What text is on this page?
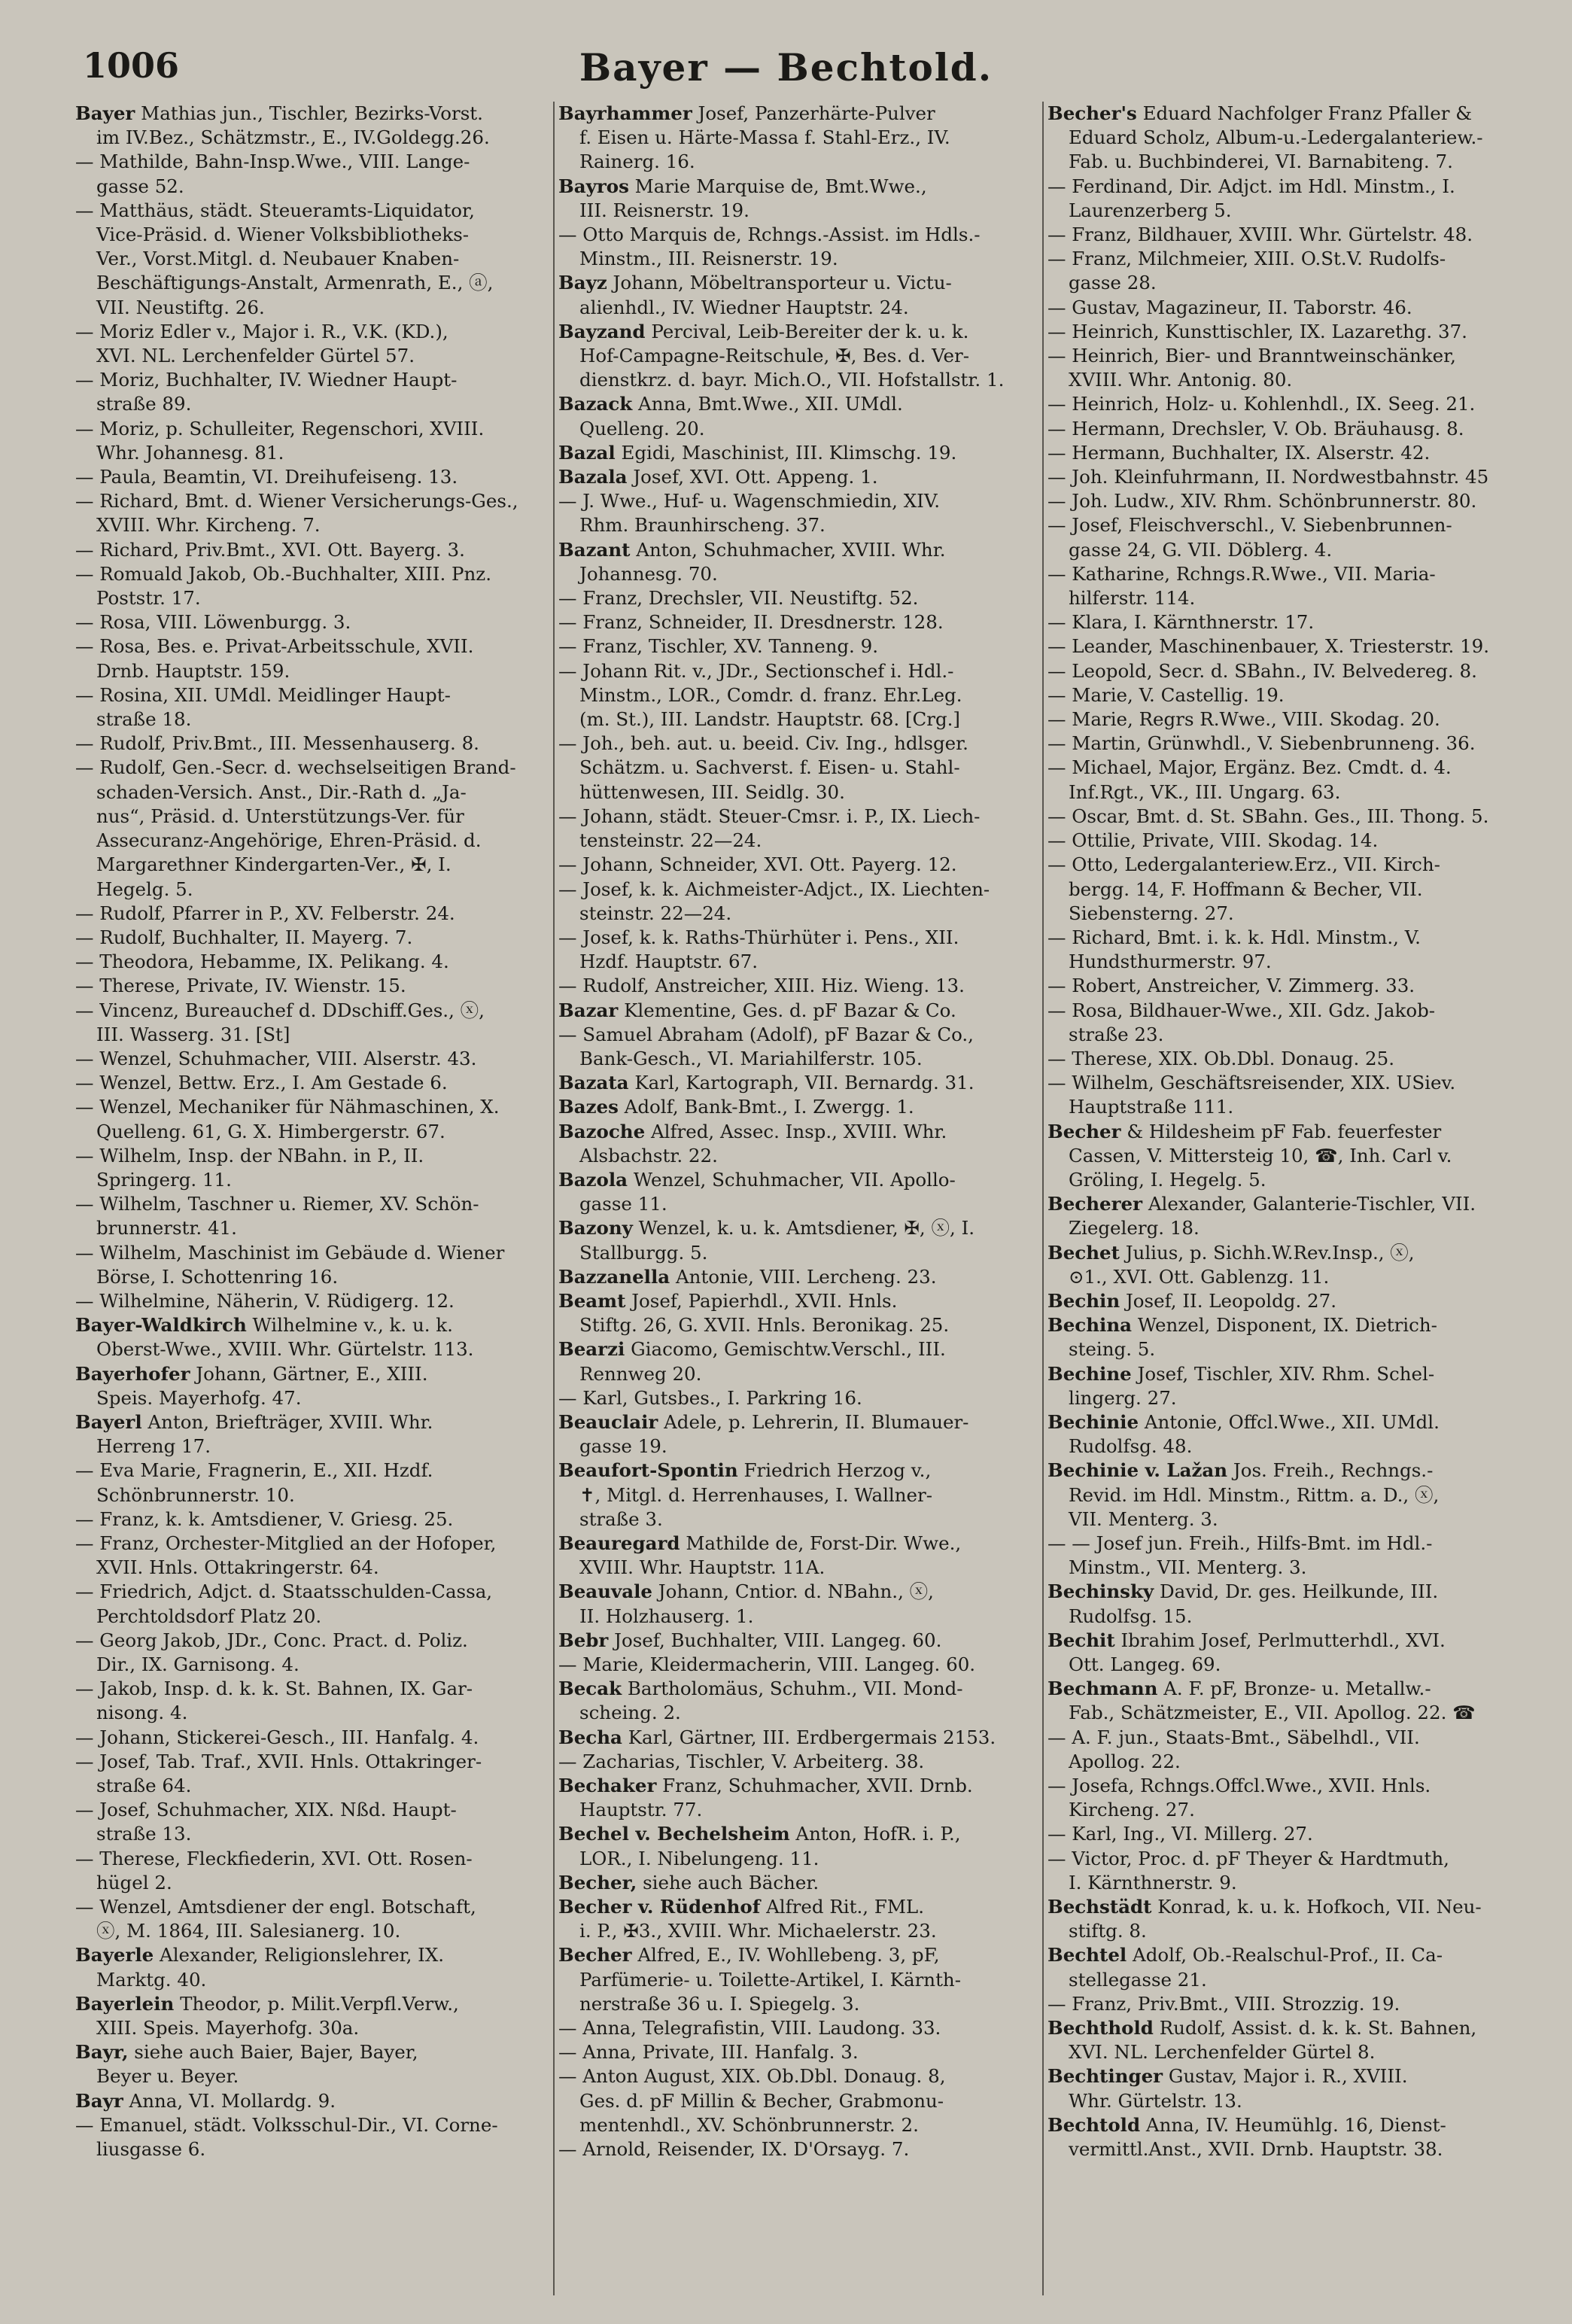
1006	Bayer — Bechtold.
Bayer Mathias jun., Tischler, Bezirks-Vorst.
im IV.Bez., Schätzmstr., E., IV.Goldegg.26.
— Mathilde, Bahn-Insp.Wwe., VIII. Lange-
gasse 52.
— Matthäus, städt. Steueramts-Liquidator,
Vice-Präsid. d. Wiener Volksbibliotheks-
Ver., Vorst.Mitgl. d. Neubauer Knaben-
Beschäftigungs-Anstalt, Armenrath, E., ⓐ,
VII. Neustiftg. 26.
— Moriz Edler v., Major i. R., V.K. (KD.),
XVI. NL. Lerchenfelder Gürtel 57.
— Moriz, Buchhalter, IV. Wiedner Haupt-
straße 89.
— Moriz, p. Schulleiter, Regenschori, XVIII.
Whr. Johannesg. 81.
— Paula, Beamtin, VI. Dreihufeiseng. 13.
— Richard, Bmt. d. Wiener Versicherungs-Ges.,
XVIII. Whr. Kircheng. 7.
— Richard, Priv.Bmt., XVI. Ott. Bayerg. 3.
— Romuald Jakob, Ob.-Buchhalter, XIII. Pnz.
Poststr. 17.
— Rosa, VIII. Löwenburgg. 3.
— Rosa, Bes. e. Privat-Arbeitsschule, XVII.
Drnb. Hauptstr. 159.
— Rosina, XII. UMdl. Meidlinger Haupt-
straße 18.
— Rudolf, Priv.Bmt., III. Messenhauserg. 8.
— Rudolf, Gen.-Secr. d. wechselseitigen Brand-
schaden-Versich. Anst., Dir.-Rath d. „Ja-
nus“, Präsid. d. Unterstützungs-Ver. für
Assecuranz-Angehörige, Ehren-Präsid. d.
Margarethner Kindergarten-Ver., ✠, I.
Hegelg. 5.
— Rudolf, Pfarrer in P., XV. Felberstr. 24.
— Rudolf, Buchhalter, II. Mayerg. 7.
— Theodora, Hebamme, IX. Pelikang. 4.
— Therese, Private, IV. Wienstr. 15.
— Vincenz, Bureauchef d. DDschiff.Ges., ⓧ,
III. Wasserg. 31. [St]
— Wenzel, Schuhmacher, VIII. Alserstr. 43.
— Wenzel, Bettw. Erz., I. Am Gestade 6.
— Wenzel, Mechaniker für Nähmaschinen, X.
Quelleng. 61, G. X. Himbergerstr. 67.
— Wilhelm, Insp. der NBahn. in P., II.
Springerg. 11.
— Wilhelm, Taschner u. Riemer, XV. Schön-
brunnerstr. 41.
— Wilhelm, Maschinist im Gebäude d. Wiener
Börse, I. Schottenring 16.
— Wilhelmine, Näherin, V. Rüdigerg. 12.
Bayer-Waldkirch Wilhelmine v., k. u. k.
Oberst-Wwe., XVIII. Whr. Gürtelstr. 113.
Bayerhofer Johann, Gärtner, E., XIII.
Speis. Mayerhofg. 47.
Bayerl Anton, Briefträger, XVIII. Whr.
Herreng 17.
— Eva Marie, Fragnerin, E., XII. Hzdf.
Schönbrunnerstr. 10.
— Franz, k. k. Amtsdiener, V. Griesg. 25.
— Franz, Orchester-Mitglied an der Hofoper,
XVII. Hnls. Ottakringerstr. 64.
— Friedrich, Adjct. d. Staatsschulden-Cassa,
Perchtoldsdorf Platz 20.
— Georg Jakob, JDr., Conc. Pract. d. Poliz.
Dir., IX. Garnisong. 4.
— Jakob, Insp. d. k. k. St. Bahnen, IX. Gar-
nisong. 4.
— Johann, Stickerei-Gesch., III. Hanfalg. 4.
— Josef, Tab. Traf., XVII. Hnls. Ottakringer-
straße 64.
— Josef, Schuhmacher, XIX. Nßd. Haupt-
straße 13.
— Therese, Fleckfiederin, XVI. Ott. Rosen-
hügel 2.
— Wenzel, Amtsdiener der engl. Botschaft,
ⓧ, M. 1864, III. Salesianerg. 10.
Bayerle Alexander, Religionslehrer, IX.
Marktg. 40.
Bayerlein Theodor, p. Milit.Verpfl.Verw.,
XIII. Speis. Mayerhofg. 30a.
Bayr, siehe auch Baier, Bajer, Bayer,
Beyer u. Beyer.
Bayr Anna, VI. Mollardg. 9.
— Emanuel, städt. Volksschul-Dir., VI. Corne-
liusgasse 6.
Bayrhammer Josef, Panzerhärte-Pulver
f. Eisen u. Härte-Massa f. Stahl-Erz., IV.
Rainerg. 16.
Bayros Marie Marquise de, Bmt.Wwe.,
III. Reisnerstr. 19.
— Otto Marquis de, Rchngs.-Assist. im Hdls.-
Minstm., III. Reisnerstr. 19.
Bayz Johann, Möbeltransporteur u. Victu-
alienhdl., IV. Wiedner Hauptstr. 24.
Bayzand Percival, Leib-Bereiter der k. u. k.
Hof-Campagne-Reitschule, ✠, Bes. d. Ver-
dienstkrz. d. bayr. Mich.O., VII. Hofstallstr. 1.
Bazack Anna, Bmt.Wwe., XII. UMdl.
Quelleng. 20.
Bazal Egidi, Maschinist, III. Klimschg. 19.
Bazala Josef, XVI. Ott. Appeng. 1.
— J. Wwe., Huf- u. Wagenschmiedin, XIV.
Rhm. Braunhirscheng. 37.
Bazant Anton, Schuhmacher, XVIII. Whr.
Johannesg. 70.
— Franz, Drechsler, VII. Neustiftg. 52.
— Franz, Schneider, II. Dresdnerstr. 128.
— Franz, Tischler, XV. Tanneng. 9.
— Johann Rit. v., JDr., Sectionschef i. Hdl.-
Minstm., LOR., Comdr. d. franz. Ehr.Leg.
(m. St.), III. Landstr. Hauptstr. 68. [Crg.]
— Joh., beh. aut. u. beeid. Civ. Ing., hdlsger.
Schätzm. u. Sachverst. f. Eisen- u. Stahl-
hüttenwesen, III. Seidlg. 30.
— Johann, städt. Steuer-Cmsr. i. P., IX. Liech-
tensteinstr. 22—24.
— Johann, Schneider, XVI. Ott. Payerg. 12.
— Josef, k. k. Aichmeister-Adjct., IX. Liechten-
steinstr. 22—24.
— Josef, k. k. Raths-Thürhüter i. Pens., XII.
Hzdf. Hauptstr. 67.
— Rudolf, Anstreicher, XIII. Hiz. Wieng. 13.
Bazar Klementine, Ges. d. pF Bazar & Co.
— Samuel Abraham (Adolf), pF Bazar & Co.,
Bank-Gesch., VI. Mariahilferstr. 105.
Bazata Karl, Kartograph, VII. Bernardg. 31.
Bazes Adolf, Bank-Bmt., I. Zwergg. 1.
Bazoche Alfred, Assec. Insp., XVIII. Whr.
Alsbachstr. 22.
Bazola Wenzel, Schuhmacher, VII. Apollo-
gasse 11.
Bazony Wenzel, k. u. k. Amtsdiener, ✠, ⓧ, I.
Stallburgg. 5.
Bazzanella Antonie, VIII. Lercheng. 23.
Beamt Josef, Papierhdl., XVII. Hnls.
Stiftg. 26, G. XVII. Hnls. Beronikag. 25.
Bearzi Giacomo, Gemischtw.Verschl., III.
Rennweg 20.
— Karl, Gutsbes., I. Parkring 16.
Beauclair Adele, p. Lehrerin, II. Blumauer-
gasse 19.
Beaufort-Spontin Friedrich Herzog v.,
✝, Mitgl. d. Herrenhauses, I. Wallner-
straße 3.
Beauregard Mathilde de, Forst-Dir. Wwe.,
XVIII. Whr. Hauptstr. 11A.
Beauvale Johann, Cntior. d. NBahn., ⓧ,
II. Holzhauserg. 1.
Bebr Josef, Buchhalter, VIII. Langeg. 60.
— Marie, Kleidermacherin, VIII. Langeg. 60.
Becak Bartholomäus, Schuhm., VII. Mond-
scheing. 2.
Becha Karl, Gärtner, III. Erdbergermais 2153.
— Zacharias, Tischler, V. Arbeiterg. 38.
Bechaker Franz, Schuhmacher, XVII. Drnb.
Hauptstr. 77.
Bechel v. Bechelsheim Anton, HofR. i. P.,
LOR., I. Nibelungeng. 11.
Becher, siehe auch Bächer.
Becher v. Rüdenhof Alfred Rit., FML.
i. P., ✠3., XVIII. Whr. Michaelerstr. 23.
Becher Alfred, E., IV. Wohllebeng. 3, pF,
Parfümerie- u. Toilette-Artikel, I. Kärnth-
nerstraße 36 u. I. Spiegelg. 3.
— Anna, Telegrafistin, VIII. Laudong. 33.
— Anna, Private, III. Hanfalg. 3.
— Anton August, XIX. Ob.Dbl. Donaug. 8,
Ges. d. pF Millin & Becher, Grabmonu-
mentenhdl., XV. Schönbrunnerstr. 2.
— Arnold, Reisender, IX. D'Orsayg. 7.
Becher's Eduard Nachfolger Franz Pfaller &
Eduard Scholz, Album-u.-Ledergalanteriew.-
Fab. u. Buchbinderei, VI. Barnabiteng. 7.
— Ferdinand, Dir. Adjct. im Hdl. Minstm., I.
Laurenzerberg 5.
— Franz, Bildhauer, XVIII. Whr. Gürtelstr. 48.
— Franz, Milchmeier, XIII. O.St.V. Rudolfs-
gasse 28.
— Gustav, Magazineur, II. Taborstr. 46.
— Heinrich, Kunsttischler, IX. Lazarethg. 37.
— Heinrich, Bier- und Branntweinschänker,
XVIII. Whr. Antonig. 80.
— Heinrich, Holz- u. Kohlenhdl., IX. Seeg. 21.
— Hermann, Drechsler, V. Ob. Bräuhausg. 8.
— Hermann, Buchhalter, IX. Alserstr. 42.
— Joh. Kleinfuhrmann, II. Nordwestbahnstr. 45
— Joh. Ludw., XIV. Rhm. Schönbrunnerstr. 80.
— Josef, Fleischverschl., V. Siebenbrunnen-
gasse 24, G. VII. Döblerg. 4.
— Katharine, Rchngs.R.Wwe., VII. Maria-
hilferstr. 114.
— Klara, I. Kärnthnerstr. 17.
— Leander, Maschinenbauer, X. Triesterstr. 19.
— Leopold, Secr. d. SBahn., IV. Belvedereg. 8.
— Marie, V. Castellig. 19.
— Marie, Regrs R.Wwe., VIII. Skodag. 20.
— Martin, Grünwhdl., V. Siebenbrunneng. 36.
— Michael, Major, Ergänz. Bez. Cmdt. d. 4.
Inf.Rgt., VK., III. Ungarg. 63.
— Oscar, Bmt. d. St. SBahn. Ges., III. Thong. 5.
— Ottilie, Private, VIII. Skodag. 14.
— Otto, Ledergalanteriew.Erz., VII. Kirch-
bergg. 14, F. Hoffmann & Becher, VII.
Siebensterng. 27.
— Richard, Bmt. i. k. k. Hdl. Minstm., V.
Hundsthurmerstr. 97.
— Robert, Anstreicher, V. Zimmerg. 33.
— Rosa, Bildhauer-Wwe., XII. Gdz. Jakob-
straße 23.
— Therese, XIX. Ob.Dbl. Donaug. 25.
— Wilhelm, Geschäftsreisender, XIX. USiev.
Hauptstraße 111.
Becher & Hildesheim pF Fab. feuerfester
Cassen, V. Mittersteig 10, ☎, Inh. Carl v.
Gröling, I. Hegelg. 5.
Becherer Alexander, Galanterie-Tischler, VII.
Ziegelerg. 18.
Bechet Julius, p. Sichh.W.Rev.Insp., ⓧ,
⊙1., XVI. Ott. Gablenzg. 11.
Bechin Josef, II. Leopoldg. 27.
Bechina Wenzel, Disponent, IX. Dietrich-
steing. 5.
Bechine Josef, Tischler, XIV. Rhm. Schel-
lingerg. 27.
Bechinie Antonie, Offcl.Wwe., XII. UMdl.
Rudolfsg. 48.
Bechinie v. Lažan Jos. Freih., Rechngs.-
Revid. im Hdl. Minstm., Rittm. a. D., ⓧ,
VII. Menterg. 3.
— — Josef jun. Freih., Hilfs-Bmt. im Hdl.-
Minstm., VII. Menterg. 3.
Bechinsky David, Dr. ges. Heilkunde, III.
Rudolfsg. 15.
Bechit Ibrahim Josef, Perlmutterhdl., XVI.
Ott. Langeg. 69.
Bechmann A. F. pF, Bronze- u. Metallw.-
Fab., Schätzmeister, E., VII. Apollog. 22. ☎
— A. F. jun., Staats-Bmt., Säbelhdl., VII.
Apollog. 22.
— Josefa, Rchngs.Offcl.Wwe., XVII. Hnls.
Kircheng. 27.
— Karl, Ing., VI. Millerg. 27.
— Victor, Proc. d. pF Theyer & Hardtmuth,
I. Kärnthnerstr. 9.
Bechstädt Konrad, k. u. k. Hofkoch, VII. Neu-
stiftg. 8.
Bechtel Adolf, Ob.-Realschul-Prof., II. Ca-
stellegasse 21.
— Franz, Priv.Bmt., VIII. Strozzig. 19.
Bechthold Rudolf, Assist. d. k. k. St. Bahnen,
XVI. NL. Lerchenfelder Gürtel 8.
Bechtinger Gustav, Major i. R., XVIII.
Whr. Gürtelstr. 13.
Bechtold Anna, IV. Heumühlg. 16, Dienst-
vermittl.Anst., XVII. Drnb. Hauptstr. 38.
